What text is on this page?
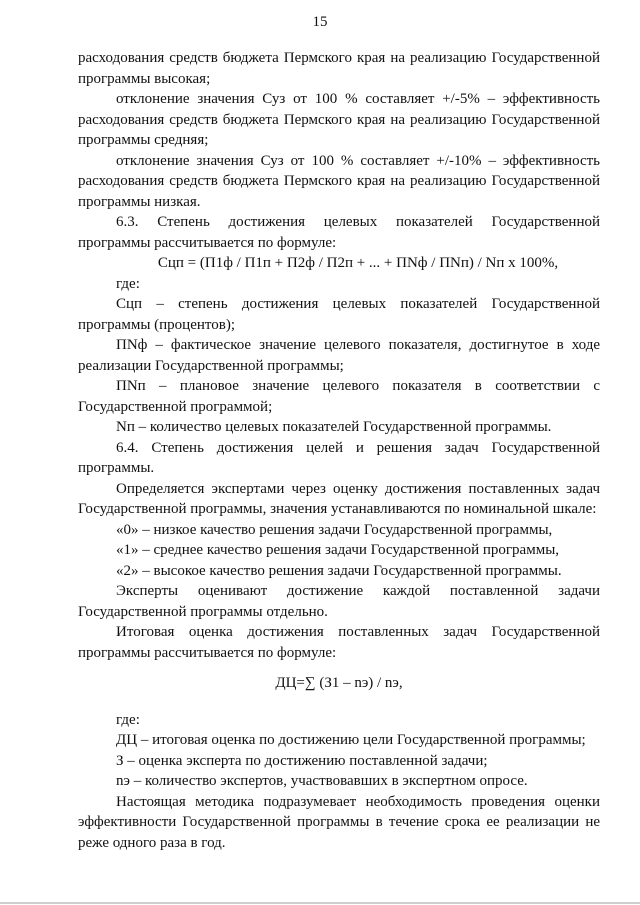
15

расходования средств бюджета Пермского края на реализацию Государственной программы высокая;

отклонение значения Суз от 100 % составляет +/-5% – эффективность расходования средств бюджета Пермского края на реализацию Государственной программы средняя;

отклонение значения Суз от 100 % составляет +/-10% – эффективность расходования средств бюджета Пермского края на реализацию Государственной программы низкая.

6.3. Степень достижения целевых показателей Государственной программы рассчитывается по формуле:

Сцп = (П1ф / П1п + П2ф / П2п + ... + ПNф / ПNп) / Nп х 100%,

где:

Сцп – степень достижения целевых показателей Государственной программы (процентов);

ПNф – фактическое значение целевого показателя, достигнутое в ходе реализации Государственной программы;

ПNп – плановое значение целевого показателя в соответствии с Государственной программой;

Nп – количество целевых показателей Государственной программы.

6.4. Степень достижения целей и решения задач Государственной программы.

Определяется экспертами через оценку достижения поставленных задач Государственной программы, значения устанавливаются по номинальной шкале:

«0» – низкое качество решения задачи Государственной программы,

«1» – среднее качество решения задачи Государственной программы,

«2» – высокое качество решения задачи Государственной программы.

Эксперты оценивают достижение каждой поставленной задачи Государственной программы отдельно.

Итоговая оценка достижения поставленных задач Государственной программы рассчитывается по формуле:

ДЦ=∑ (З1 – nэ) / nэ,

где:

ДЦ – итоговая оценка по достижению цели Государственной программы;

З – оценка эксперта по достижению поставленной задачи;

nэ – количество экспертов, участвовавших в экспертном опросе.

Настоящая методика подразумевает необходимость проведения оценки эффективности Государственной программы в течение срока ее реализации не реже одного раза в год.
